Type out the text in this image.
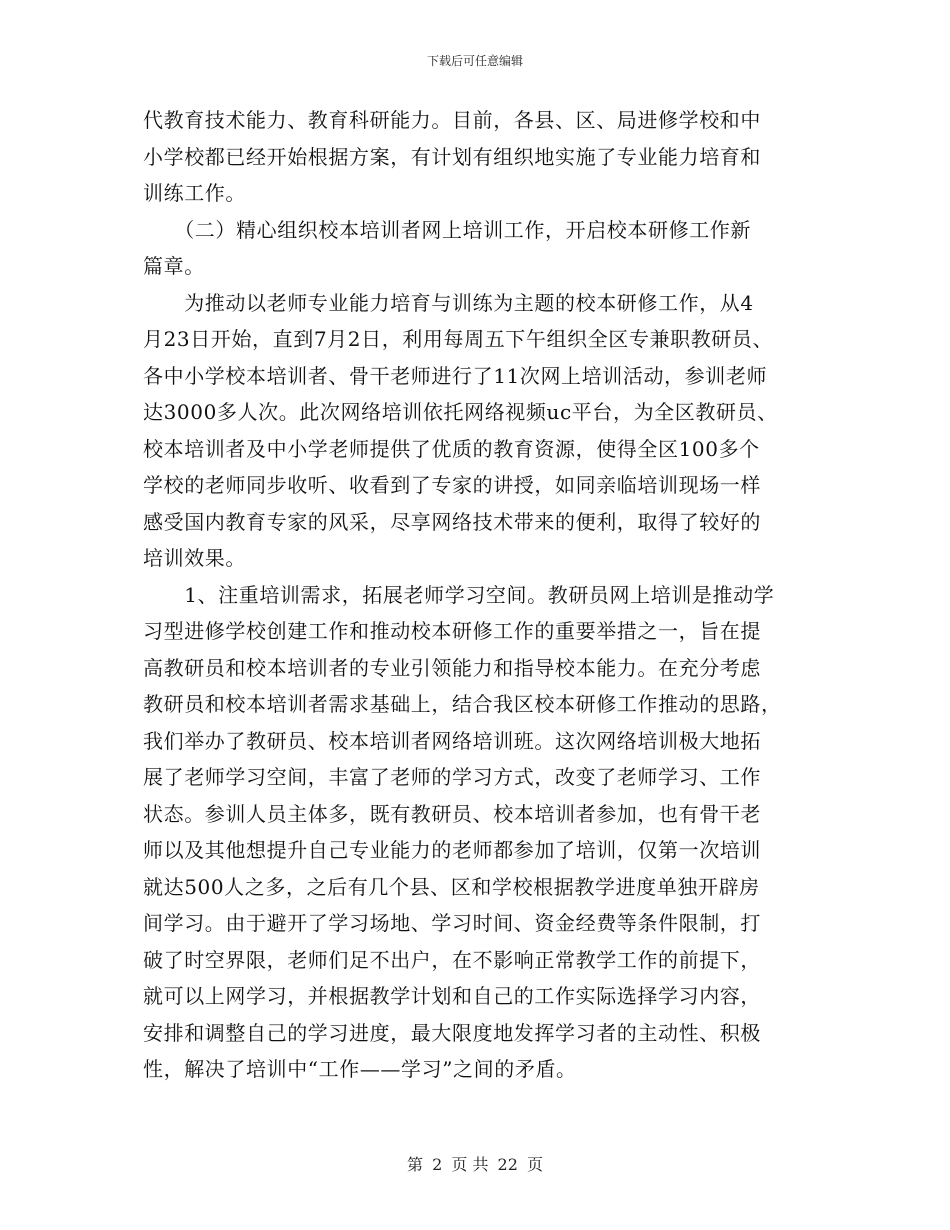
下载后可任意编辑
代教育技术能力、教育科研能力。目前，各县、区、局进修学校和中
小学校都已经开始根据方案，有计划有组织地实施了专业能力培育和
训练工作。
　　（二）精心组织校本培训者网上培训工作，开启校本研修工作新
篇章。
　　为推动以老师专业能力培育与训练为主题的校本研修工作，从4
月23日开始，直到7月2日，利用每周五下午组织全区专兼职教研员、
各中小学校本培训者、骨干老师进行了11次网上培训活动，参训老师
达3000多人次。此次网络培训依托网络视频uc平台，为全区教研员、
校本培训者及中小学老师提供了优质的教育资源，使得全区100多个
学校的老师同步收听、收看到了专家的讲授，如同亲临培训现场一样
感受国内教育专家的风采，尽享网络技术带来的便利，取得了较好的
培训效果。
　　1、注重培训需求，拓展老师学习空间。教研员网上培训是推动学
习型进修学校创建工作和推动校本研修工作的重要举措之一，旨在提
高教研员和校本培训者的专业引领能力和指导校本能力。在充分考虑
教研员和校本培训者需求基础上，结合我区校本研修工作推动的思路，
我们举办了教研员、校本培训者网络培训班。这次网络培训极大地拓
展了老师学习空间，丰富了老师的学习方式，改变了老师学习、工作
状态。参训人员主体多，既有教研员、校本培训者参加，也有骨干老
师以及其他想提升自己专业能力的老师都参加了培训，仅第一次培训
就达500人之多，之后有几个县、区和学校根据教学进度单独开辟房
间学习。由于避开了学习场地、学习时间、资金经费等条件限制，打
破了时空界限，老师们足不出户，在不影响正常教学工作的前提下，
就可以上网学习，并根据教学计划和自己的工作实际选择学习内容，
安排和调整自己的学习进度，最大限度地发挥学习者的主动性、积极
性，解决了培训中“工作——学习”之间的矛盾。
第 2 页 共 22 页
